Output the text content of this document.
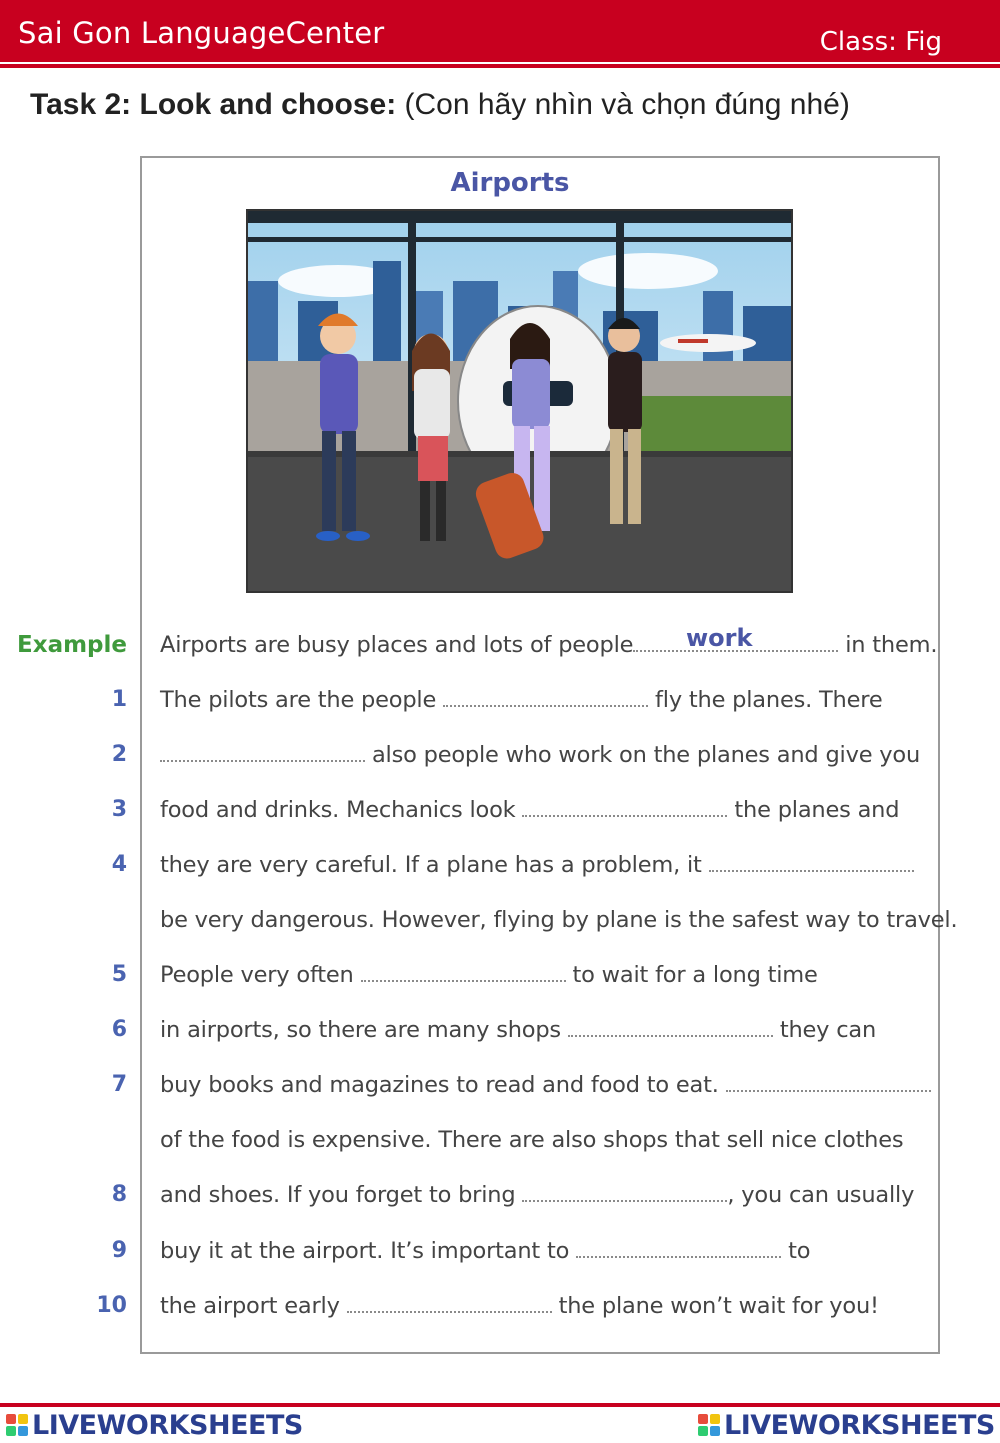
Sai Gon LanguageCenter	Class: Fig
Task 2: Look and choose: (Con hãy nhìn và chọn đúng nhé)
Airports
Example Airports are busy places and lots of people	in them.
1 The pilots are the people	fly the planes. There
2	also people who work on the planes and give you
3 food and drinks. Mechanics look	the planes and
4 they are very careful. If a plane has a problem, it
be very dangerous. However, flying by plane is the safest way to travel.
5 People very often	to wait for a long time
6 in airports, so there are many shops	they can
7 buy books and magazines to read and food to eat.
of the food is expensive. There are also shops that sell nice clothes
8 and shoes. If you forget to bring	, you can usually
9 buy it at the airport. It’s important to	to
10 the airport early	the plane won’t wait for you!
work
LIVEWORKSHEETS	LIVEWORKSHEETS
